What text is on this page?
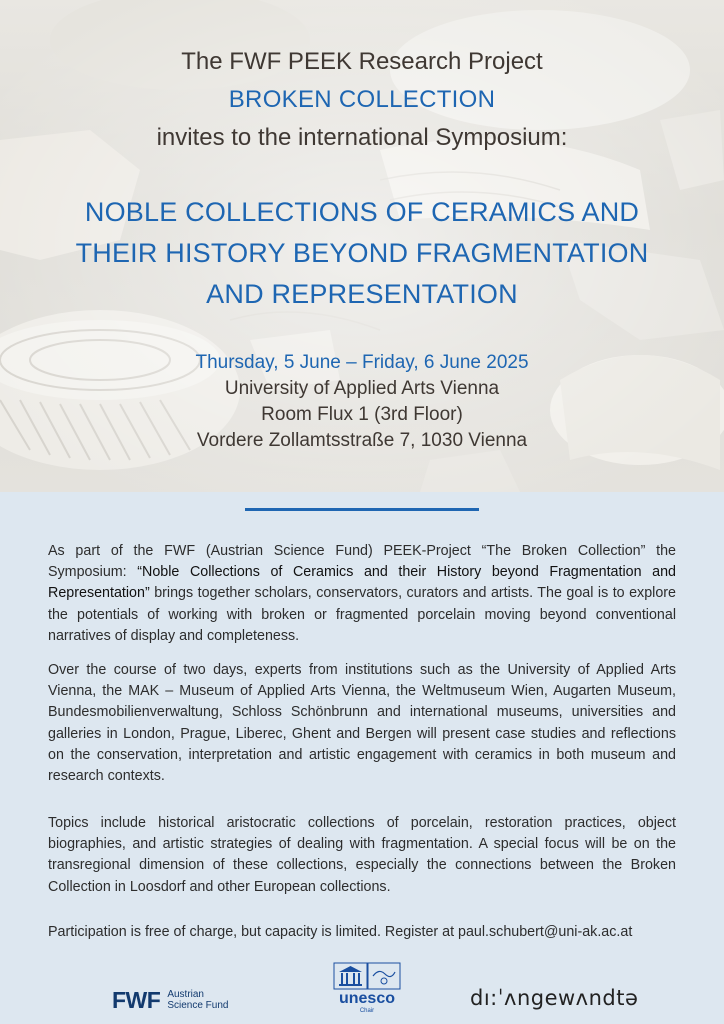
The FWF PEEK Research Project
BROKEN COLLECTION
invites to the international Symposium:
NOBLE COLLECTIONS OF CERAMICS AND
THEIR HISTORY BEYOND FRAGMENTATION
AND REPRESENTATION
Thursday, 5 June – Friday, 6 June 2025
University of Applied Arts Vienna
Room Flux 1 (3rd Floor)
Vordere Zollamtsstraße 7, 1030 Vienna

As part of the FWF (Austrian Science Fund) PEEK-Project “The Broken Collection” the Symposium: “Noble Collections of Ceramics and their History beyond Fragmentation and Representation” brings together scholars, conservators, curators and artists. The goal is to explore the potentials of working with broken or fragmented porcelain moving beyond conventional narratives of display and completeness.

Over the course of two days, experts from institutions such as the University of Applied Arts Vienna, the MAK – Museum of Applied Arts Vienna, the Weltmuseum Wien, Augarten Museum, Bundesmobilienverwaltung, Schloss Schönbrunn and international museums, universities and galleries in London, Prague, Liberec, Ghent and Bergen will present case studies and reflections on the conservation, interpretation and artistic engagement with ceramics in both museum and research contexts.

Topics include historical aristocratic collections of porcelain, restoration practices, object biographies, and artistic strategies of dealing with fragmentation. A special focus will be on the transregional dimension of these collections, especially the connections between the Broken Collection in Loosdorf and other European collections.

Participation is free of charge, but capacity is limited. Register at paul.schubert@uni-ak.ac.at

FWF Austrian
Science Fund	unesco
Chair
dı:ˈʌngewʌndtə
